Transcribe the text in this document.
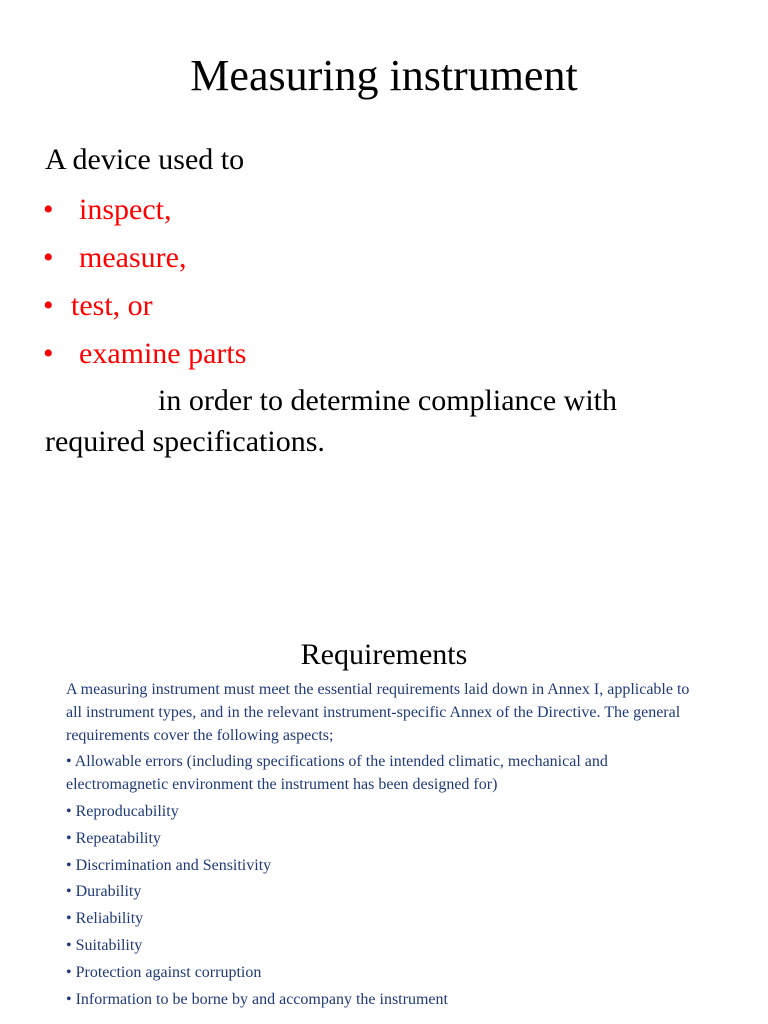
Measuring instrument
A device used to
• inspect,
• measure,
• test, or
• examine parts
in order to determine compliance with
required specifications.
Requirements

A measuring instrument must meet the essential requirements laid down in Annex I, applicable to all instrument types, and in the relevant instrument-specific Annex of the Directive. The general requirements cover the following aspects;

• Allowable errors (including specifications of the intended climatic, mechanical and electromagnetic environment the instrument has been designed for)

• Reproducability
• Repeatability
• Discrimination and Sensitivity
• Durability
• Reliability
• Suitability
• Protection against corruption
• Information to be borne by and accompany the instrument
